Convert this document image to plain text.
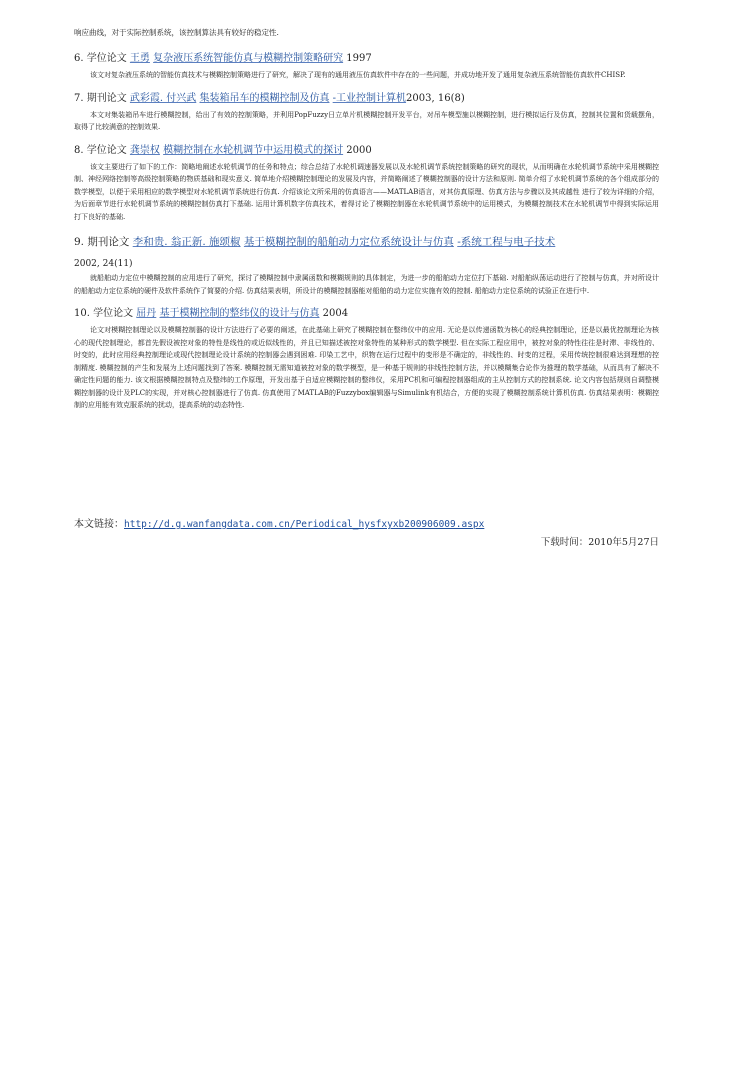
响应曲线，对于实际控制系统，该控制算法具有较好的稳定性.

6. 学位论文 王勇 复杂液压系统智能仿真与模糊控制策略研究 1997

该文对复杂液压系统的智能仿真技术与模糊控制策略进行了研究，解决了现有的通用液压仿真软件中存在的一些问题，并成功地开发了通用复杂液压系统智能仿真软件CHISP.

7. 期刊论文 武彩霞. 付兴武 集装箱吊车的模糊控制及仿真 -工业控制计算机2003, 16(8)

本文对集装箱吊车进行模糊控制，给出了有效的控制策略，并利用PopFuzzy日立单片机模糊控制开发平台，对吊车模型施以模糊控制，进行模拟运行及仿真，控制其位置和货载摆角，取得了比较满意的控制效果.

8. 学位论文 龚崇权 模糊控制在水轮机调节中运用模式的探讨 2000

该文主要进行了如下的工作：简略地阐述水轮机调节的任务和特点；综合总结了水轮机调速器发展以及水轮机调节系统控制策略的研究的现状，从而明确在水轮机调节系统中采用模糊控制、神经网络控制等高级控制策略的物质基础和现实意义. 简单地介绍模糊控制理论的发展及内容，并简略阐述了模糊控制器的设计方法和原则. 简单介绍了水轮机调节系统的各个组成部分的数学模型，以便于采用相应的数学模型对水轮机调节系统进行仿真. 介绍该论文所采用的仿真语言——MATLAB语言，对其仿真原理、仿真方法与步骤以及其成越性 进行了较为详细的介绍，为后面章节进行水轮机调节系统的模糊控制仿真打下基础. 运用计算机数字仿真技术，着得讨论了模糊控制器在水轮机调节系统中的运用模式，为模糊控制技术在水轮机调节中得到实际运用打下良好的基础.

9. 期刊论文 李和贵. 翁正新. 施颂椒 基于模糊控制的船舶动力定位系统设计与仿真 -系统工程与电子技术
2002, 24(11)

就船舶动力定位中模糊控制的应用进行了研究，探讨了模糊控制中隶属函数和模糊规则的具体制定，为进一步的船舶动力定位打下基础. 对船舶纵荡运动进行了控制与仿真，并对所设计的船舶动力定位系统的硬件及软件系统作了简要的介绍. 仿真结果表明，所设计的模糊控制器能对船舶的动力定位实施有效的控制. 船舶动力定位系统的试验正在进行中.

10. 学位论文 屈丹 基于模糊控制的整纬仪的设计与仿真 2004

论文对模糊控制理论以及模糊控制器的设计方法进行了必要的阐述，在此基础上研究了模糊控制在整纬仪中的应用. 无论是以传递函数为核心的经典控制理论，还是以最优控制理论为核心的现代控制理论，都首先假设被控对象的特性是线性的或近似线性的，并且已知描述被控对象特性的某种形式的数学模型. 但在实际工程应用中，被控对象的特性往往是时滞、非线性的、时变的，此时应用经典控制理论或现代控制理论设计系统的控制器会遇到困难. 印染工艺中，织物在运行过程中的变形是不确定的，非线性的、时变的过程，采用传统控制很难达到理想的控制精度. 模糊控制的产生和发展为上述问题找到了答案. 模糊控制无需知道被控对象的数学模型，是一种基于规则的非线性控制方法，并以模糊集合论作为推理的数学基础，从而具有了解决不确定性问题的能力. 该文根据模糊控制特点及整纬的工作原理，开发出基于自适应模糊控制的整纬仪，采用PC机和可编程控制器组成的主从控制方式的控制系统. 论文内容包括规则自调整模糊控制器的设计及PLC的实现，并对核心控制器进行了仿真. 仿真使用了MATLAB的Fuzzybox编辑器与Simulink有机结合，方便的实现了模糊控制系统计算机仿真. 仿真结果表明：模糊控制的应用能有效克服系统的扰动，提高系统的动态特性.

本文链接：http://d.g.wanfangdata.com.cn/Periodical_hysfxyxb200906009.aspx
下载时间：2010年5月27日
